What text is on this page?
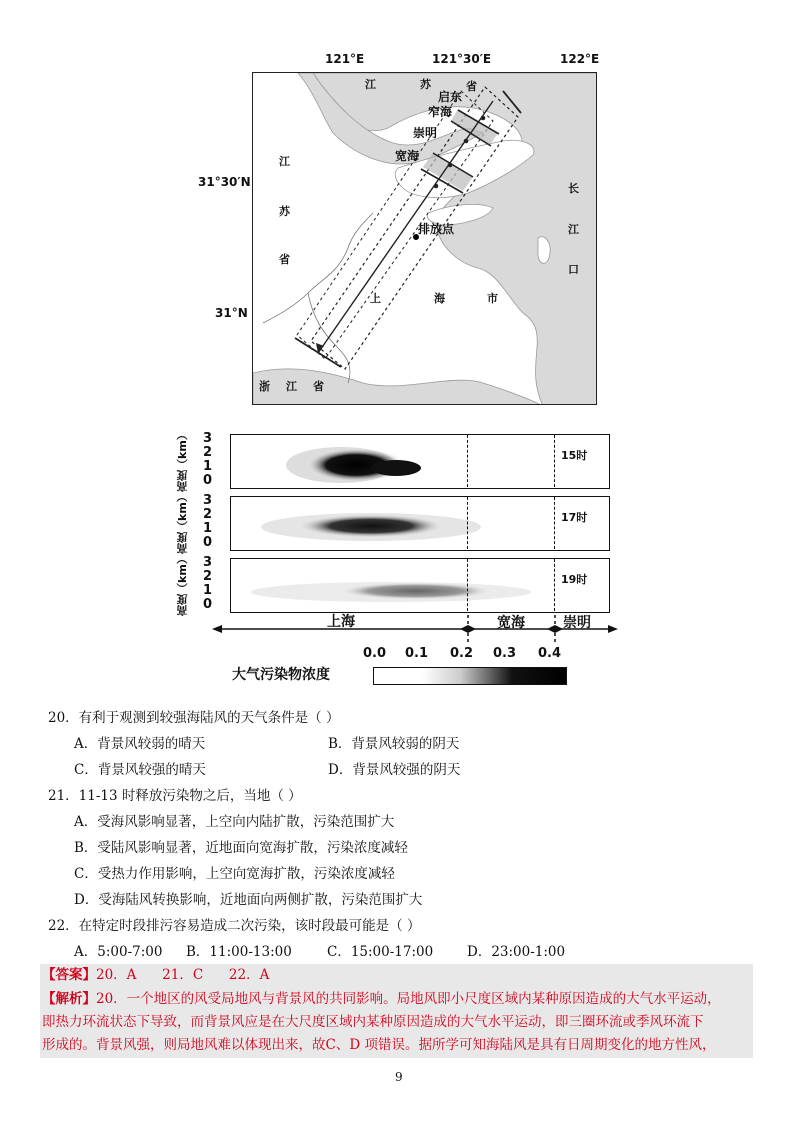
121°E	121°30′E	122°E
31°30′N
31°N
江	苏	省
启东
窄海
崇明
宽海
江
苏
省
长
江
口
排放点
上	海	市
浙 江 省
高度（km） 3
2
1
0
15时
高度（km） 3
2
1
0
17时
高度（km） 3
2
1
0
19时
上海	宽海	崇明
0.0 0.1 0.2 0.3 0.4
大气污染物浓度
20．有利于观测到较强海陆风的天气条件是（ ）
A．背景风较弱的晴天	B．背景风较弱的阴天
C．背景风较强的晴天	D．背景风较强的阴天
21．11-13 时释放污染物之后，当地（ ）
A．受海风影响显著，上空向内陆扩散，污染范围扩大
B．受陆风影响显著，近地面向宽海扩散，污染浓度减轻
C．受热力作用影响，上空向宽海扩散，污染浓度减轻
D．受海陆风转换影响，近地面向两侧扩散，污染范围扩大
22．在特定时段排污容易造成二次污染，该时段最可能是（ ）
A．5:00-7:00 B．11:00-13:00	C．15:00-17:00	D．23:00-1:00
【答案】20．A      21．C      22．A
【解析】20．一个地区的风受局地风与背景风的共同影响。局地风即小尺度区域内某种原因造成的大气水平运动，
即热力环流状态下导致，而背景风应是在大尺度区域内某种原因造成的大气水平运动，即三圈环流或季风环流下
形成的。背景风强，则局地风难以体现出来，故C、D 项错误。据所学可知海陆风是具有日周期变化的地方性风，
9
